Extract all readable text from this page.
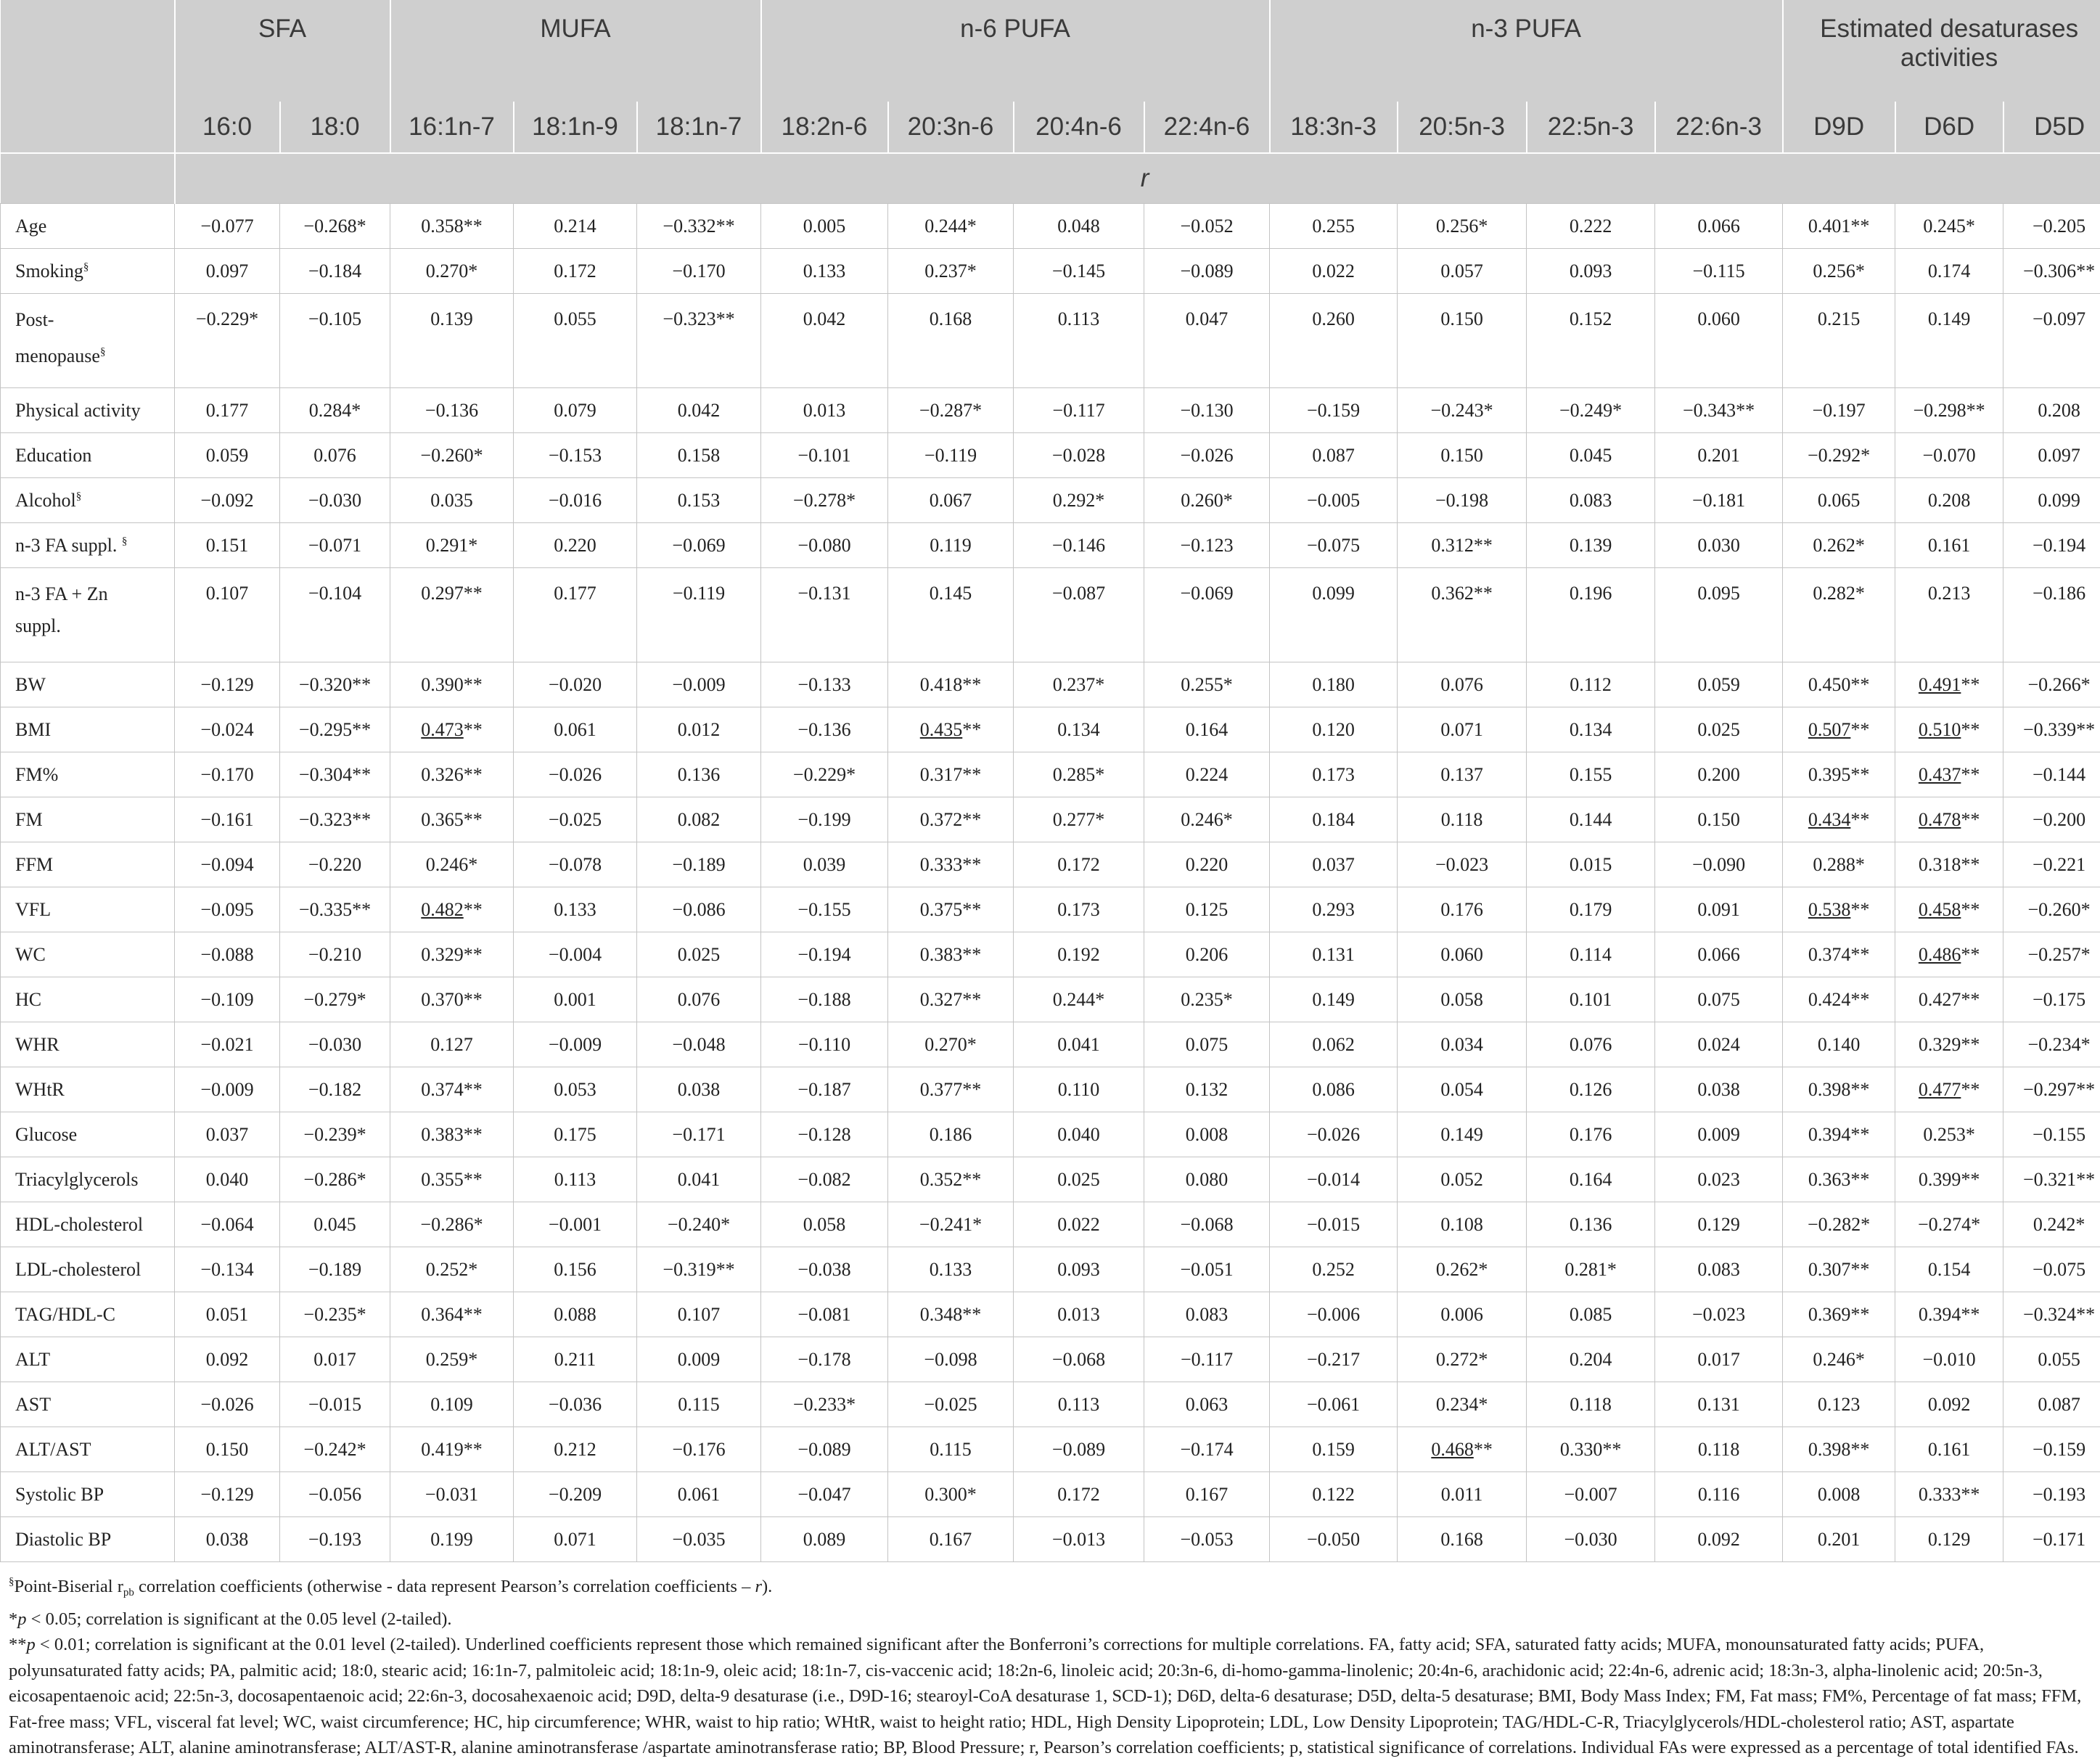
	SFA		MUFA			n-6 PUFA				n-3 PUFA				Estimated desaturases activities		
	16:0	18:0	16:1n-7	18:1n-9	18:1n-7	18:2n-6	20:3n-6	20:4n-6	22:4n-6	18:3n-3	20:5n-3	22:5n-3	22:6n-3	D9D	D6D	D5D
	r															
Age	−0.077	−0.268*	0.358**	0.214	−0.332**	0.005	0.244*	0.048	−0.052	0.255	0.256*	0.222	0.066	0.401**	0.245*	−0.205
Smoking§	0.097	−0.184	0.270*	0.172	−0.170	0.133	0.237*	−0.145	−0.089	0.022	0.057	0.093	−0.115	0.256*	0.174	−0.306**
Post-
menopause§	−0.229*	−0.105	0.139	0.055	−0.323**	0.042	0.168	0.113	0.047	0.260	0.150	0.152	0.060	0.215	0.149	−0.097
Physical activity	0.177	0.284*	−0.136	0.079	0.042	0.013	−0.287*	−0.117	−0.130	−0.159	−0.243*	−0.249*	−0.343**	−0.197	−0.298**	0.208
Education	0.059	0.076	−0.260*	−0.153	0.158	−0.101	−0.119	−0.028	−0.026	0.087	0.150	0.045	0.201	−0.292*	−0.070	0.097
Alcohol§	−0.092	−0.030	0.035	−0.016	0.153	−0.278*	0.067	0.292*	0.260*	−0.005	−0.198	0.083	−0.181	0.065	0.208	0.099
n-3 FA suppl. §	0.151	−0.071	0.291*	0.220	−0.069	−0.080	0.119	−0.146	−0.123	−0.075	0.312**	0.139	0.030	0.262*	0.161	−0.194
n-3 FA + Zn
suppl.	0.107	−0.104	0.297**	0.177	−0.119	−0.131	0.145	−0.087	−0.069	0.099	0.362**	0.196	0.095	0.282*	0.213	−0.186
BW	−0.129	−0.320**	0.390**	−0.020	−0.009	−0.133	0.418**	0.237*	0.255*	0.180	0.076	0.112	0.059	0.450**	0.491**	−0.266*
BMI	−0.024	−0.295**	0.473**	0.061	0.012	−0.136	0.435**	0.134	0.164	0.120	0.071	0.134	0.025	0.507**	0.510**	−0.339**
FM%	−0.170	−0.304**	0.326**	−0.026	0.136	−0.229*	0.317**	0.285*	0.224	0.173	0.137	0.155	0.200	0.395**	0.437**	−0.144
FM	−0.161	−0.323**	0.365**	−0.025	0.082	−0.199	0.372**	0.277*	0.246*	0.184	0.118	0.144	0.150	0.434**	0.478**	−0.200
FFM	−0.094	−0.220	0.246*	−0.078	−0.189	0.039	0.333**	0.172	0.220	0.037	−0.023	0.015	−0.090	0.288*	0.318**	−0.221
VFL	−0.095	−0.335**	0.482**	0.133	−0.086	−0.155	0.375**	0.173	0.125	0.293	0.176	0.179	0.091	0.538**	0.458**	−0.260*
WC	−0.088	−0.210	0.329**	−0.004	0.025	−0.194	0.383**	0.192	0.206	0.131	0.060	0.114	0.066	0.374**	0.486**	−0.257*
HC	−0.109	−0.279*	0.370**	0.001	0.076	−0.188	0.327**	0.244*	0.235*	0.149	0.058	0.101	0.075	0.424**	0.427**	−0.175
WHR	−0.021	−0.030	0.127	−0.009	−0.048	−0.110	0.270*	0.041	0.075	0.062	0.034	0.076	0.024	0.140	0.329**	−0.234*
WHtR	−0.009	−0.182	0.374**	0.053	0.038	−0.187	0.377**	0.110	0.132	0.086	0.054	0.126	0.038	0.398**	0.477**	−0.297**
Glucose	0.037	−0.239*	0.383**	0.175	−0.171	−0.128	0.186	0.040	0.008	−0.026	0.149	0.176	0.009	0.394**	0.253*	−0.155
Triacylglycerols	0.040	−0.286*	0.355**	0.113	0.041	−0.082	0.352**	0.025	0.080	−0.014	0.052	0.164	0.023	0.363**	0.399**	−0.321**
HDL-cholesterol	−0.064	0.045	−0.286*	−0.001	−0.240*	0.058	−0.241*	0.022	−0.068	−0.015	0.108	0.136	0.129	−0.282*	−0.274*	0.242*
LDL-cholesterol	−0.134	−0.189	0.252*	0.156	−0.319**	−0.038	0.133	0.093	−0.051	0.252	0.262*	0.281*	0.083	0.307**	0.154	−0.075
TAG/HDL-C	0.051	−0.235*	0.364**	0.088	0.107	−0.081	0.348**	0.013	0.083	−0.006	0.006	0.085	−0.023	0.369**	0.394**	−0.324**
ALT	0.092	0.017	0.259*	0.211	0.009	−0.178	−0.098	−0.068	−0.117	−0.217	0.272*	0.204	0.017	0.246*	−0.010	0.055
AST	−0.026	−0.015	0.109	−0.036	0.115	−0.233*	−0.025	0.113	0.063	−0.061	0.234*	0.118	0.131	0.123	0.092	0.087
ALT/AST	0.150	−0.242*	0.419**	0.212	−0.176	−0.089	0.115	−0.089	−0.174	0.159	0.468**	0.330**	0.118	0.398**	0.161	−0.159
Systolic BP	−0.129	−0.056	−0.031	−0.209	0.061	−0.047	0.300*	0.172	0.167	0.122	0.011	−0.007	0.116	0.008	0.333**	−0.193
Diastolic BP	0.038	−0.193	0.199	0.071	−0.035	0.089	0.167	−0.013	−0.053	−0.050	0.168	−0.030	0.092	0.201	0.129	−0.171

§Point-Biserial $r_{pb}$ correlation coefficients (otherwise - data represent Pearson’s correlation coefficients – r).

*p < 0.05; correlation is significant at the 0.05 level (2-tailed).

**p < 0.01; correlation is significant at the 0.01 level (2-tailed). Underlined coefficients represent those which remained significant after the Bonferroni’s corrections for multiple correlations. FA, fatty acid; SFA, saturated fatty acids; MUFA, monounsaturated fatty acids; PUFA, polyunsaturated fatty acids; PA, palmitic acid; 18:0, stearic acid; 16:1n-7, palmitoleic acid; 18:1n-9, oleic acid; 18:1n-7, cis-vaccenic acid; 18:2n-6, linoleic acid; 20:3n-6, di-homo-gamma-linolenic; 20:4n-6, arachidonic acid; 22:4n-6, adrenic acid; 18:3n-3, alpha-linolenic acid; 20:5n-3, eicosapentaenoic acid; 22:5n-3, docosapentaenoic acid; 22:6n-3, docosahexaenoic acid; D9D, delta-9 desaturase (i.e., D9D-16; stearoyl-CoA desaturase 1, SCD-1); D6D, delta-6 desaturase; D5D, delta-5 desaturase; BMI, Body Mass Index; FM, Fat mass; FM%, Percentage of fat mass; FFM, Fat-free mass; VFL, visceral fat level; WC, waist circumference; HC, hip circumference; WHR, waist to hip ratio; WHtR, waist to height ratio; HDL, High Density Lipoprotein; LDL, Low Density Lipoprotein; TAG/HDL-C-R, Triacylglycerols/HDL-cholesterol ratio; AST, aspartate aminotransferase; ALT, alanine aminotransferase; ALT/AST-R, alanine aminotransferase /aspartate aminotransferase ratio; BP, Blood Pressure; r, Pearson’s correlation coefficients; p, statistical significance of correlations. Individual FAs were expressed as a percentage of total identified FAs.
